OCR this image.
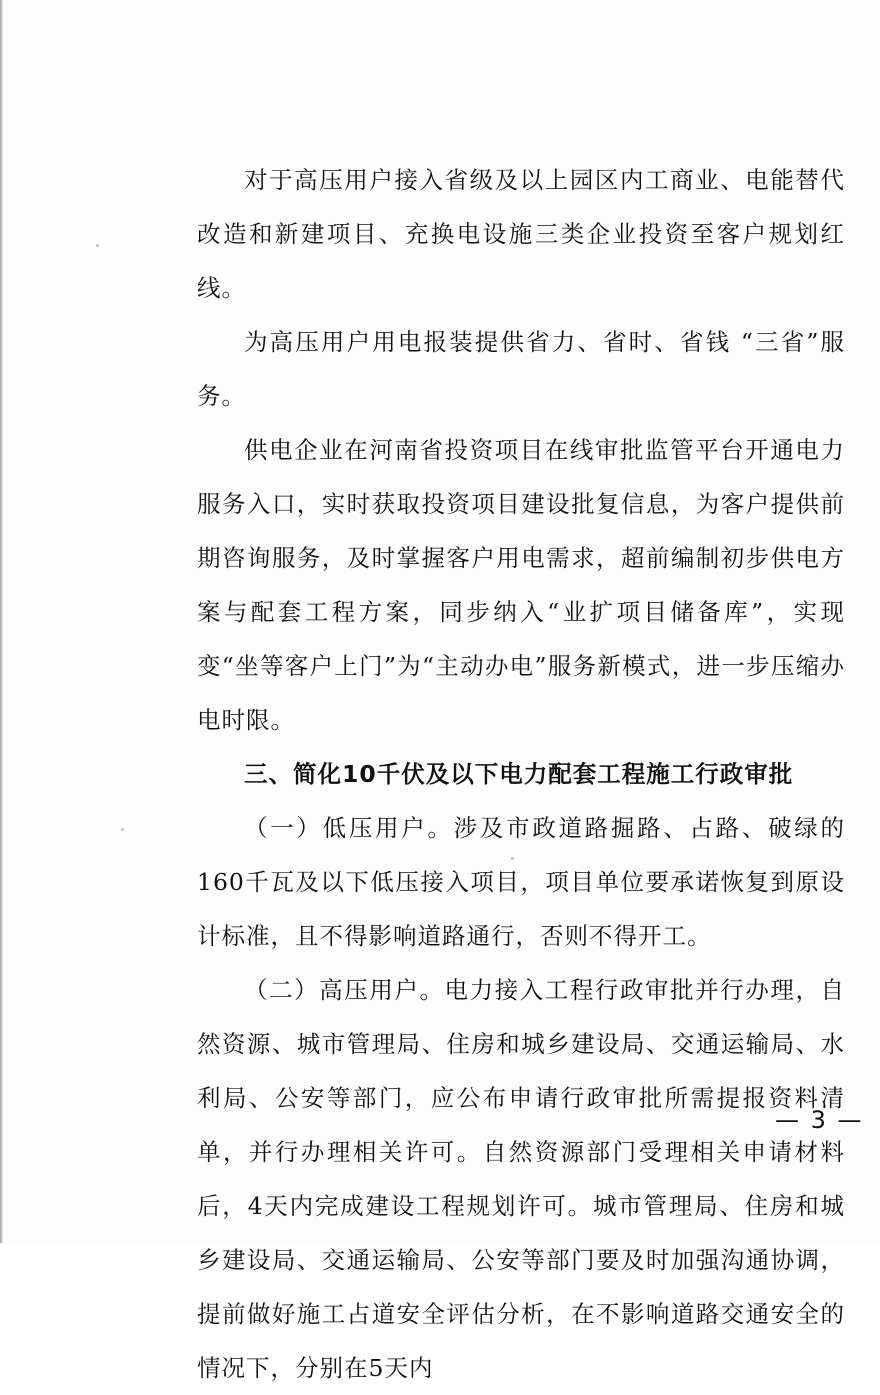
对于高压用户接入省级及以上园区内工商业、电能替代改造和新建项目、充换电设施三类企业投资至客户规划红线。

为高压用户用电报装提供省力、省时、省钱 “三省”服务。

供电企业在河南省投资项目在线审批监管平台开通电力服务入口，实时获取投资项目建设批复信息，为客户提供前期咨询服务，及时掌握客户用电需求，超前编制初步供电方案与配套工程方案，同步纳入“业扩项目储备库”，实现变“坐等客户上门”为“主动办电”服务新模式，进一步压缩办电时限。

三、简化10千伏及以下电力配套工程施工行政审批

（一）低压用户。涉及市政道路掘路、占路、破绿的160千瓦及以下低压接入项目，项目单位要承诺恢复到原设计标准，且不得影响道路通行，否则不得开工。

（二）高压用户。电力接入工程行政审批并行办理，自然资源、城市管理局、住房和城乡建设局、交通运输局、水利局、公安等部门，应公布申请行政审批所需提报资料清单，并行办理相关许可。自然资源部门受理相关申请材料后，4天内完成建设工程规划许可。城市管理局、住房和城乡建设局、交通运输局、公安等部门要及时加强沟通协调，提前做好施工占道安全评估分析，在不影响道路交通安全的情况下，分别在5天内

— 3 —
